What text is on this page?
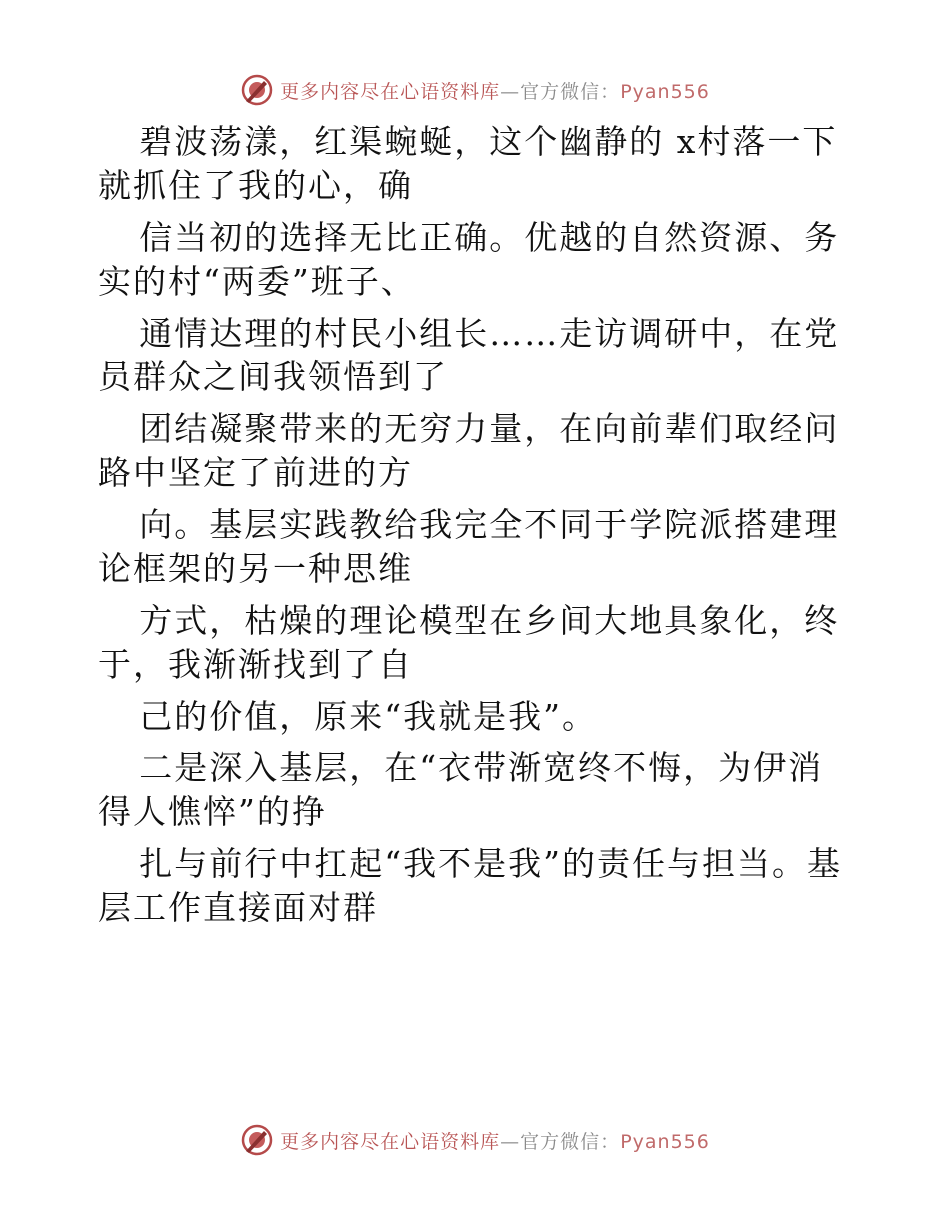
更多内容尽在心语资料库—官方微信：Pyan556

碧波荡漾，红渠蜿蜒，这个幽静的 x村落一下就抓住了我的心，确

信当初的选择无比正确。优越的自然资源、务实的村“两委”班子、

通情达理的村民小组长……走访调研中，在党员群众之间我领悟到了

团结凝聚带来的无穷力量，在向前辈们取经问路中坚定了前进的方

向。基层实践教给我完全不同于学院派搭建理论框架的另一种思维

方式，枯燥的理论模型在乡间大地具象化，终于，我渐渐找到了自

己的价值，原来“我就是我”。

二是深入基层，在“衣带渐宽终不悔，为伊消得人憔悴”的挣

扎与前行中扛起“我不是我”的责任与担当。基层工作直接面对群

更多内容尽在心语资料库—官方微信：Pyan556
